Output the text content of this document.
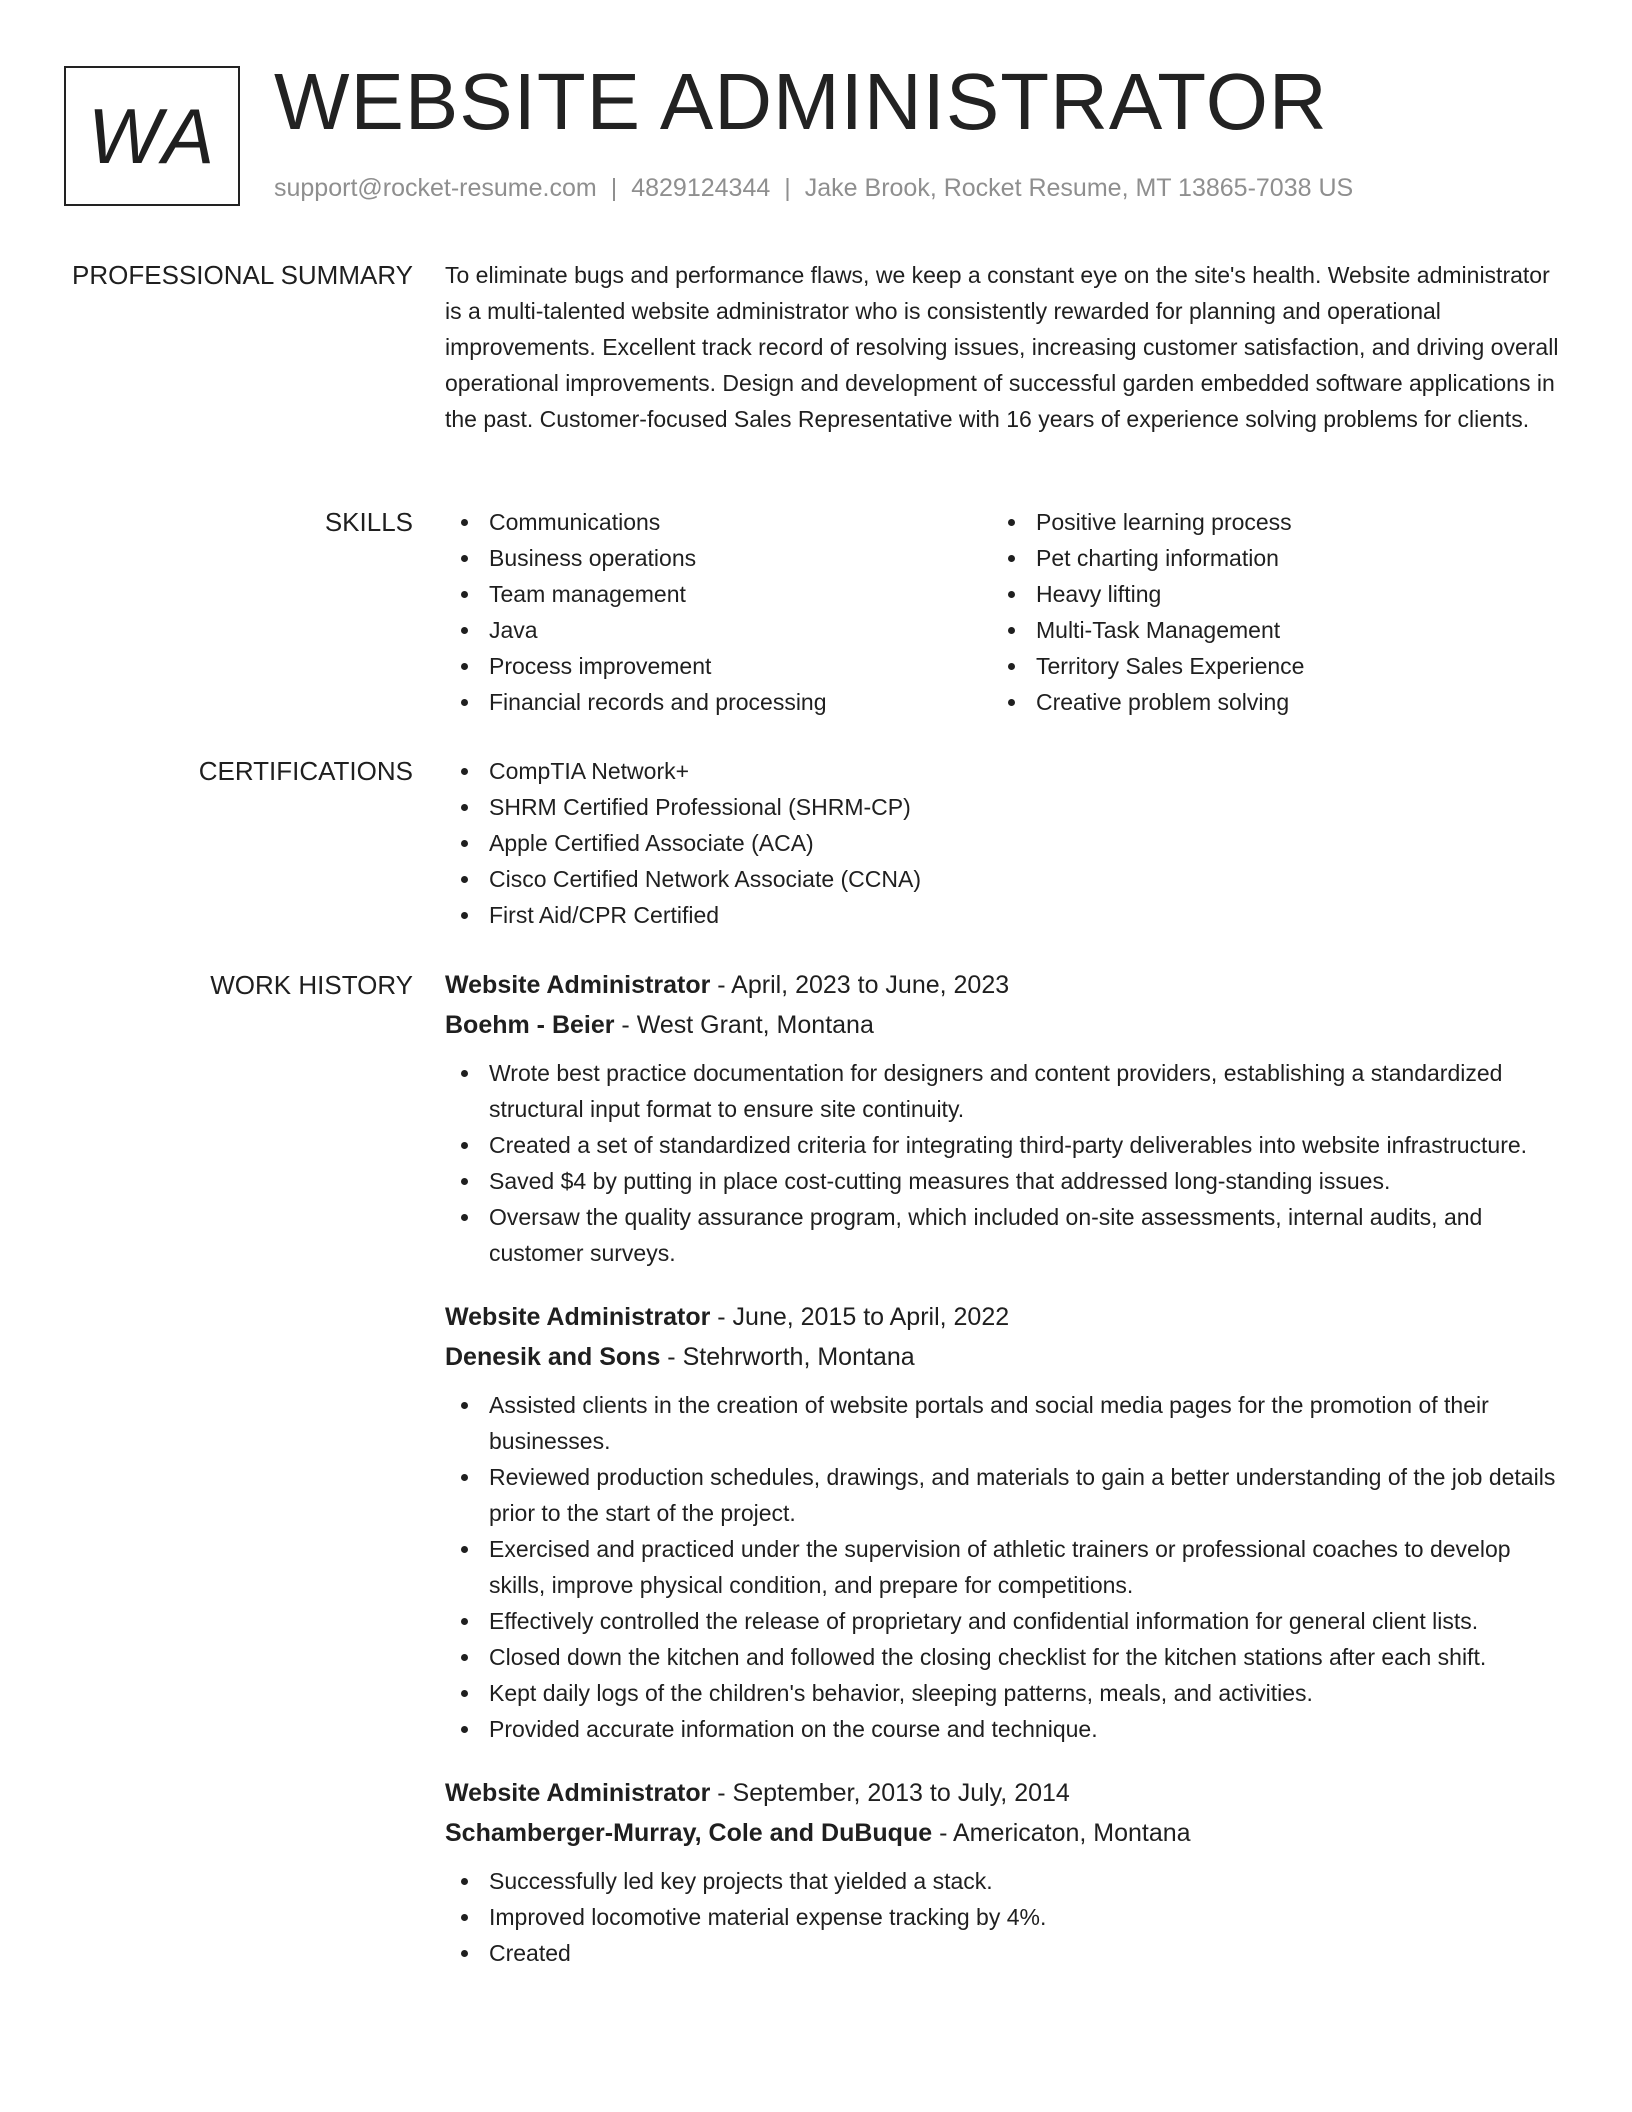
WA WEBSITE ADMINISTRATOR
support@rocket-resume.com | 4829124344 | Jake Brook, Rocket Resume, MT 13865-7038 US
PROFESSIONAL SUMMARY To eliminate bugs and performance flaws, we keep a constant eye on the site's health. Website administrator is a multi-talented website administrator who is consistently rewarded for planning and operational improvements. Excellent track record of resolving issues, increasing customer satisfaction, and driving overall operational improvements. Design and development of successful garden embedded software applications in the past. Customer-focused Sales Representative with 16 years of experience solving problems for clients.

SKILLS	Communications
Business operations
Team management
Java
Process improvement
Financial records and processing
Positive learning process
Pet charting information
Heavy lifting
Multi-Task Management
Territory Sales Experience
Creative problem solving
CERTIFICATIONS	CompTIA Network+
SHRM Certified Professional (SHRM-CP)
Apple Certified Associate (ACA)
Cisco Certified Network Associate (CCNA)
First Aid/CPR Certified
WORK HISTORY Website Administrator - April, 2023 to June, 2023
Boehm - Beier - West Grant, Montana
Wrote best practice documentation for designers and content providers, establishing a standardized structural input format to ensure site continuity.
Created a set of standardized criteria for integrating third-party deliverables into website infrastructure.
Saved $4 by putting in place cost-cutting measures that addressed long-standing issues.
Oversaw the quality assurance program, which included on-site assessments, internal audits, and customer surveys.
Website Administrator - June, 2015 to April, 2022
Denesik and Sons - Stehrworth, Montana
Assisted clients in the creation of website portals and social media pages for the promotion of their businesses.
Reviewed production schedules, drawings, and materials to gain a better understanding of the job details prior to the start of the project.
Exercised and practiced under the supervision of athletic trainers or professional coaches to develop skills, improve physical condition, and prepare for competitions.
Effectively controlled the release of proprietary and confidential information for general client lists.
Closed down the kitchen and followed the closing checklist for the kitchen stations after each shift.
Kept daily logs of the children's behavior, sleeping patterns, meals, and activities.
Provided accurate information on the course and technique.
Website Administrator - September, 2013 to July, 2014
Schamberger-Murray, Cole and DuBuque - Americaton, Montana
Successfully led key projects that yielded a stack.
Improved locomotive material expense tracking by 4%.
Created
